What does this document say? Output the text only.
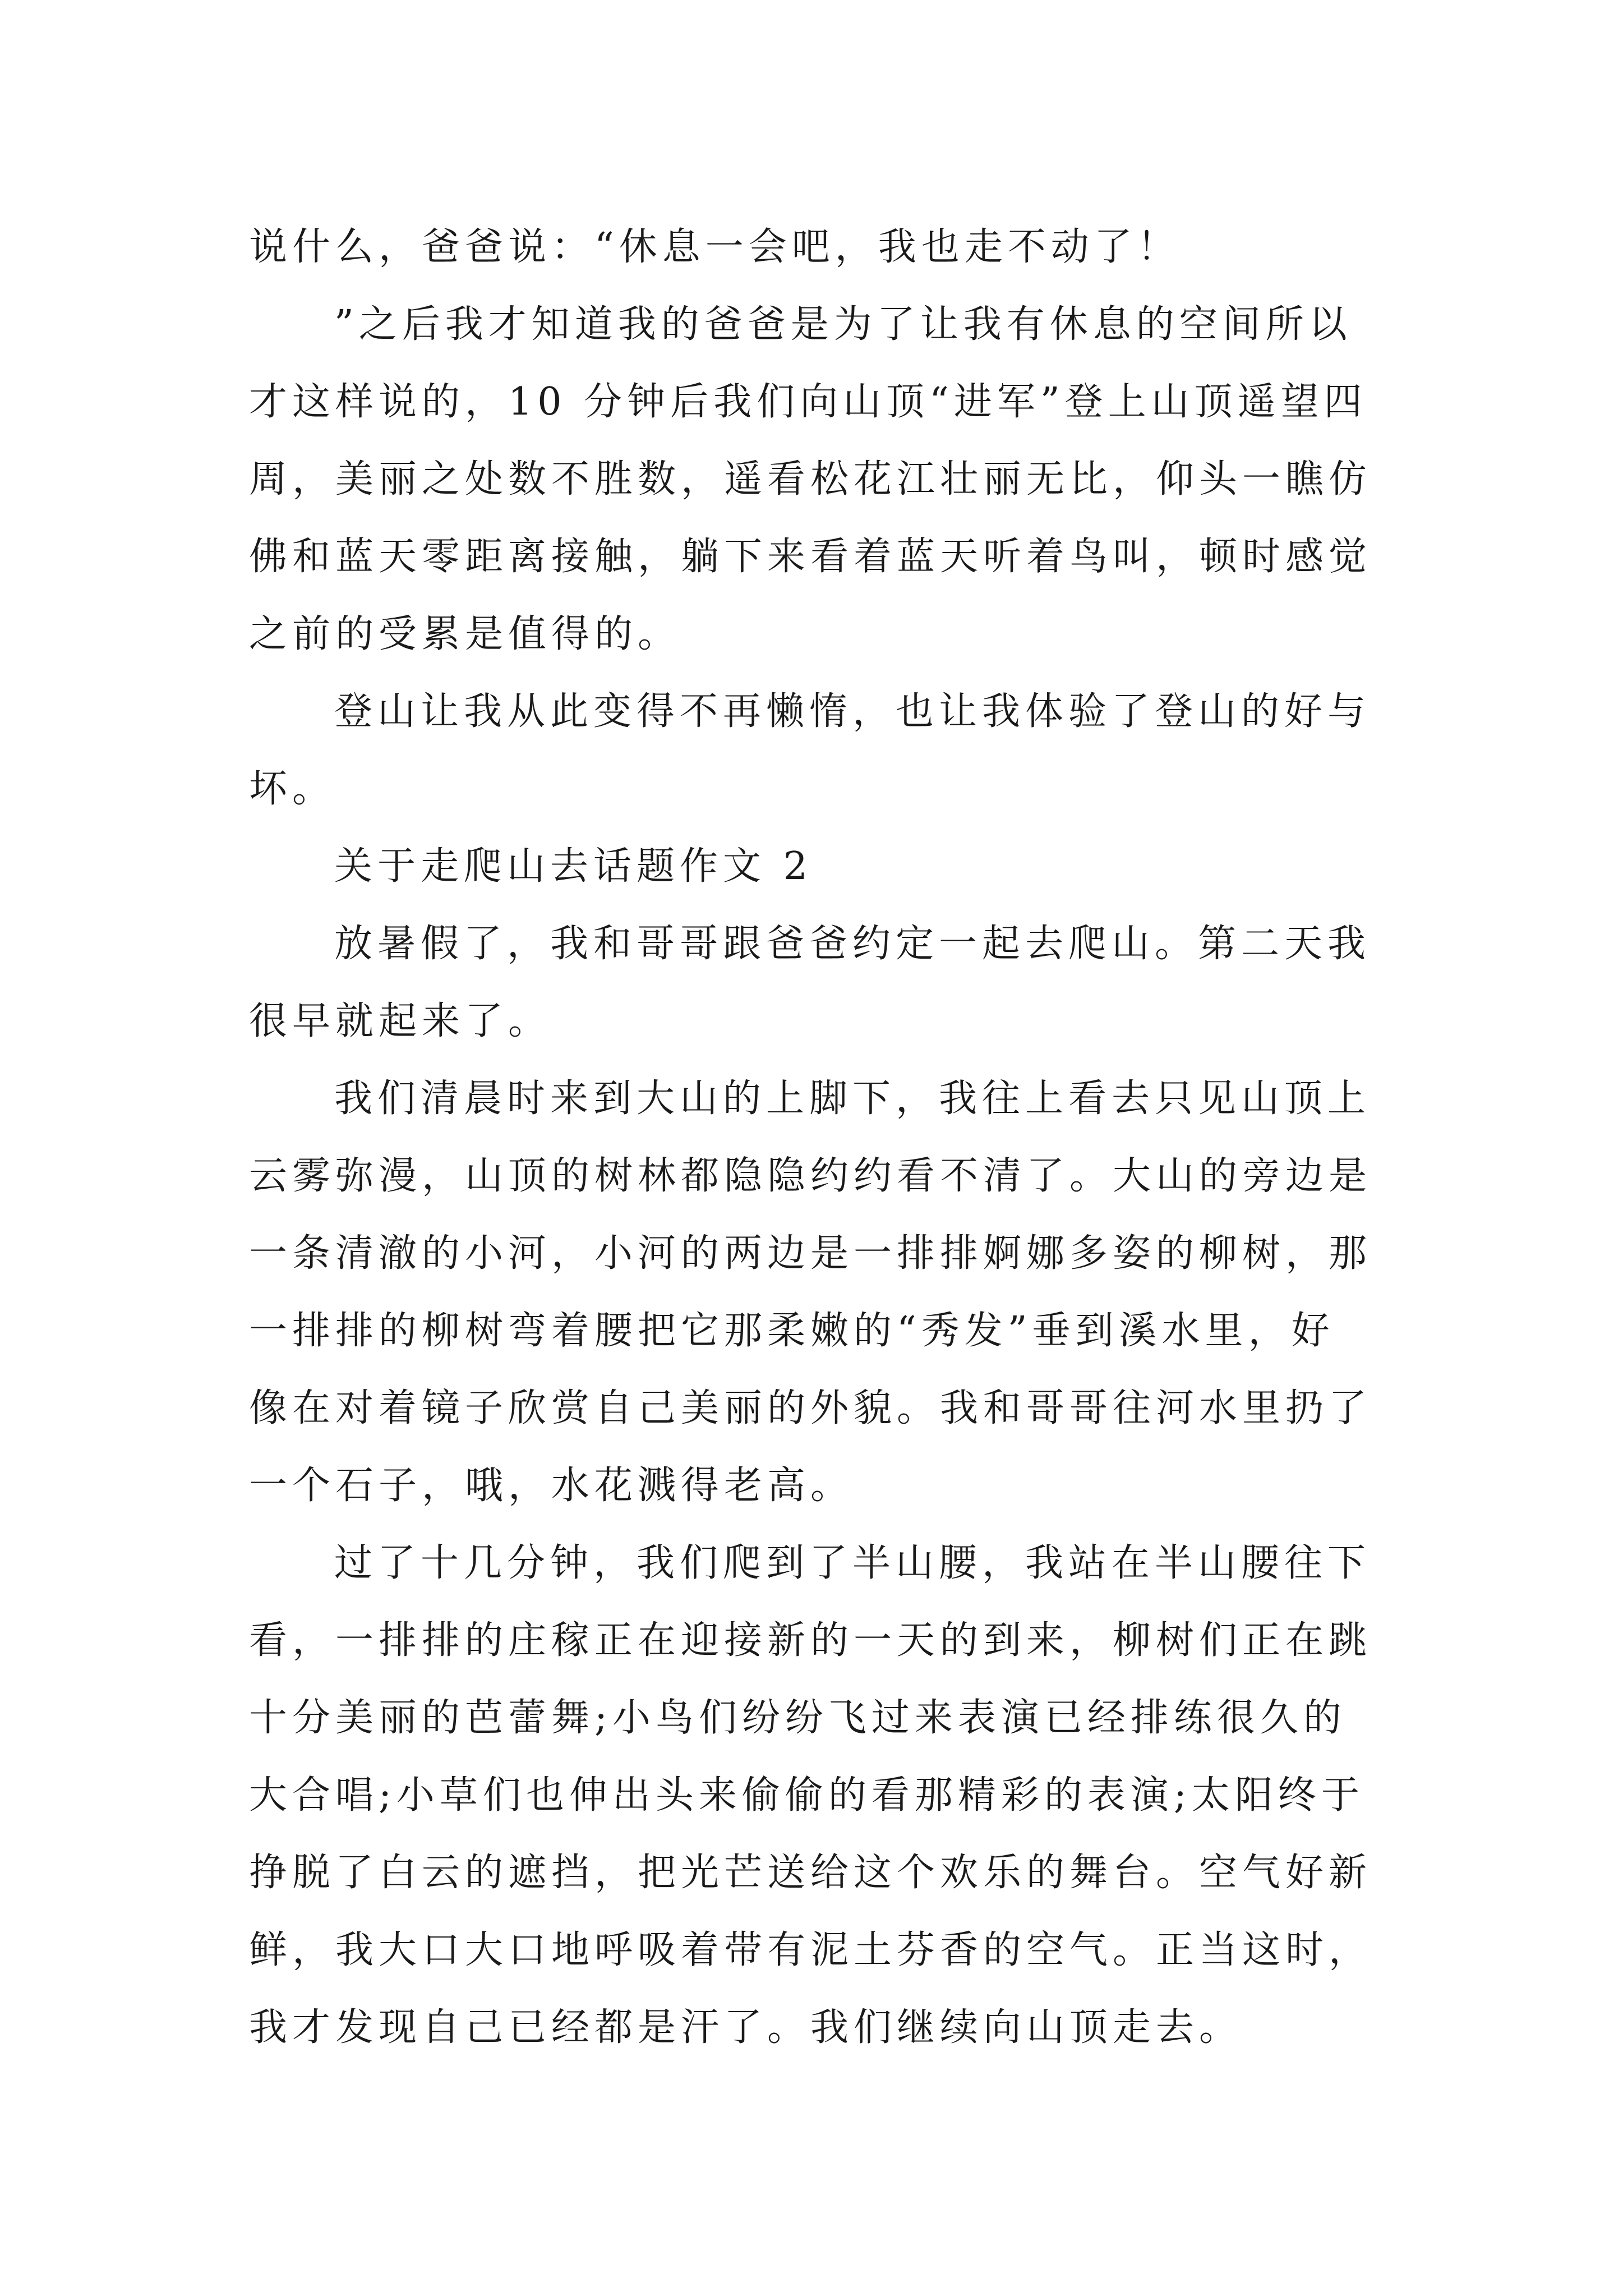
说什么，爸爸说：“休息一会吧，我也走不动了！
”之后我才知道我的爸爸是为了让我有休息的空间所以
才这样说的，10 分钟后我们向山顶“进军”登上山顶遥望四
周，美丽之处数不胜数，遥看松花江壮丽无比，仰头一瞧仿
佛和蓝天零距离接触，躺下来看着蓝天听着鸟叫，顿时感觉
之前的受累是值得的。
登山让我从此变得不再懒惰，也让我体验了登山的好与
坏。
关于走爬山去话题作文 2
放暑假了，我和哥哥跟爸爸约定一起去爬山。第二天我
很早就起来了。
我们清晨时来到大山的上脚下，我往上看去只见山顶上
云雾弥漫，山顶的树林都隐隐约约看不清了。大山的旁边是
一条清澈的小河，小河的两边是一排排婀娜多姿的柳树，那
一排排的柳树弯着腰把它那柔嫩的“秀发”垂到溪水里，好
像在对着镜子欣赏自己美丽的外貌。我和哥哥往河水里扔了
一个石子，哦，水花溅得老高。
过了十几分钟，我们爬到了半山腰，我站在半山腰往下
看，一排排的庄稼正在迎接新的一天的到来，柳树们正在跳
十分美丽的芭蕾舞;小鸟们纷纷飞过来表演已经排练很久的
大合唱;小草们也伸出头来偷偷的看那精彩的表演;太阳终于
挣脱了白云的遮挡，把光芒送给这个欢乐的舞台。空气好新
鲜，我大口大口地呼吸着带有泥土芬香的空气。正当这时，
我才发现自己已经都是汗了。我们继续向山顶走去。
